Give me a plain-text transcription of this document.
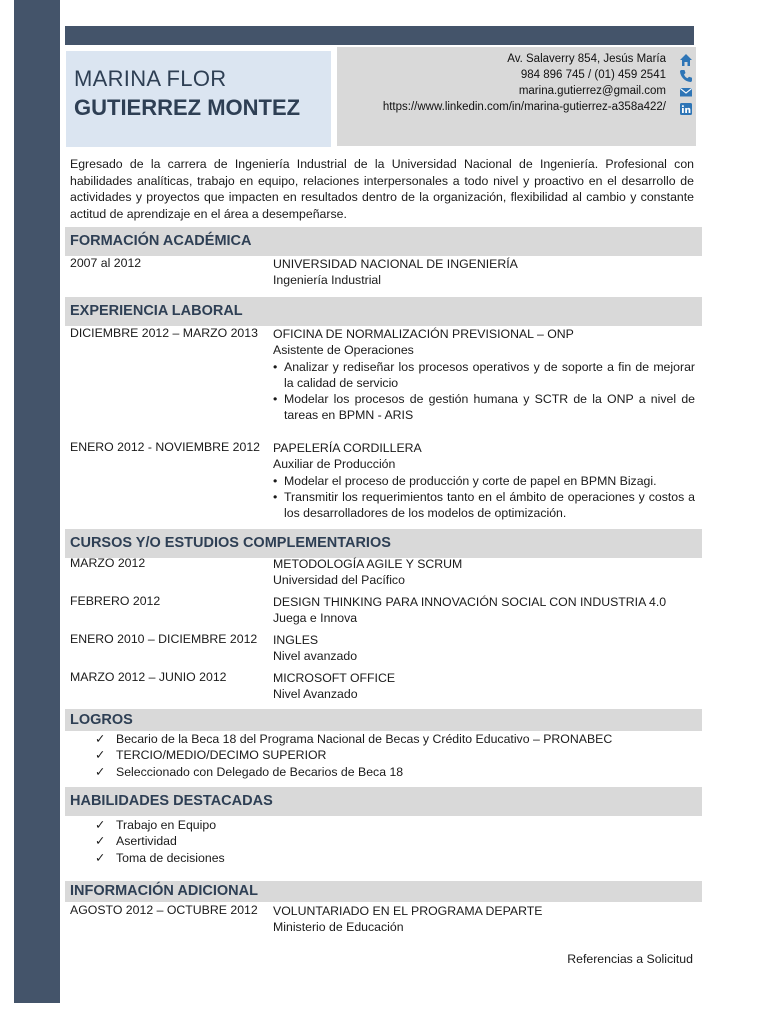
MARINA FLOR
GUTIERREZ MONTEZ
Av. Salaverry 854, Jesús María
984 896 745 / (01) 459 2541
marina.gutierrez@gmail.com
https://www.linkedin.com/in/marina-gutierrez-a358a422/
Egresado de la carrera de Ingeniería Industrial de la Universidad Nacional de Ingeniería. Profesional con habilidades analíticas, trabajo en equipo, relaciones interpersonales a todo nivel y proactivo en el desarrollo de actividades y proyectos que impacten en resultados dentro de la organización, flexibilidad al cambio y constante actitud de aprendizaje en el área a desempeñarse.
FORMACIÓN ACADÉMICA
2007 al 2012	UNIVERSIDAD NACIONAL DE INGENIERÍA
Ingeniería Industrial
EXPERIENCIA LABORAL
DICIEMBRE 2012 – MARZO 2013 OFICINA DE NORMALIZACIÓN PREVISIONAL – ONP
Asistente de Operaciones
• Analizar y rediseñar los procesos operativos y de soporte a fin de mejorar la calidad de servicio
• Modelar los procesos de gestión humana y SCTR de la ONP a nivel de tareas en BPMN - ARIS
ENERO 2012 - NOVIEMBRE 2012 PAPELERÍA CORDILLERA
Auxiliar de Producción
• Modelar el proceso de producción y corte de papel en BPMN Bizagi.
• Transmitir los requerimientos tanto en el ámbito de operaciones y costos a los desarrolladores de los modelos de optimización.
CURSOS Y/O ESTUDIOS COMPLEMENTARIOS
MARZO 2012	METODOLOGÍA AGILE Y SCRUM
Universidad del Pacífico
FEBRERO 2012	DESIGN THINKING PARA INNOVACIÓN SOCIAL CON INDUSTRIA 4.0
Juega e Innova
ENERO 2010 – DICIEMBRE 2012 INGLES
Nivel avanzado
MARZO 2012 – JUNIO 2012	MICROSOFT OFFICE
Nivel Avanzado
LOGROS
✓ Becario de la Beca 18 del Programa Nacional de Becas y Crédito Educativo – PRONABEC
✓ TERCIO/MEDIO/DECIMO SUPERIOR
✓ Seleccionado con Delegado de Becarios de Beca 18
HABILIDADES DESTACADAS
✓ Trabajo en Equipo
✓ Asertividad
✓ Toma de decisiones
INFORMACIÓN ADICIONAL
AGOSTO 2012 – OCTUBRE 2012 VOLUNTARIADO EN EL PROGRAMA DEPARTE
Ministerio de Educación
Referencias a Solicitud
